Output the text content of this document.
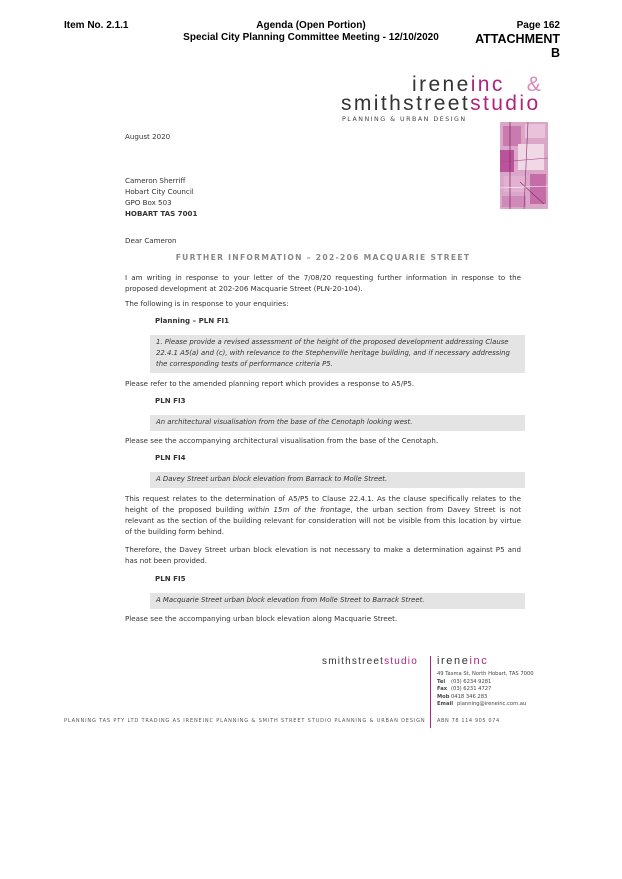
Item No. 2.1.1	Agenda (Open Portion)
Special City Planning Committee Meeting - 12/10/2020
Page 162
ATTACHMENT B
ireneinc &
smithstreetstudio
PLANNING & URBAN DESIGN
August 2020
Cameron Sherriff
Hobart City Council
GPO Box 503
HOBART TAS 7001
Dear Cameron
FURTHER INFORMATION – 202-206 MACQUARIE STREET
I am writing in response to your letter of the 7/08/20 requesting further information in response to the proposed development at 202-206 Macquarie Street (PLN-20-104).
The following is in response to your enquiries:
Planning – PLN FI1
1. Please provide a revised assessment of the height of the proposed development addressing Clause 22.4.1 A5(a) and (c), with relevance to the Stephenville heritage building, and if necessary addressing the corresponding tests of performance criteria P5.
Please refer to the amended planning report which provides a response to A5/P5.
PLN FI3
An architectural visualisation from the base of the Cenotaph looking west.
Please see the accompanying architectural visualisation from the base of the Cenotaph.
PLN FI4
A Davey Street urban block elevation from Barrack to Molle Street.
This request relates to the determination of A5/P5 to Clause 22.4.1. As the clause specifically relates to the height of the proposed building within 15m of the frontage, the urban section from Davey Street is not relevant as the section of the building relevant for consideration will not be visible from this location by virtue of the building form behind.
Therefore, the Davey Street urban block elevation is not necessary to make a determination against P5 and has not been provided.
PLN FI5
A Macquarie Street urban block elevation from Molle Street to Barrack Street.
Please see the accompanying urban block elevation along Macquarie Street.
smithstreetstudio ireneinc
49 Tasma St, North Hobart, TAS 7000
Tel (03) 6234 9281
Fax (03) 6231 4727
Mob 0418 346 283
Email planning@ireneinc.com.au
PLANNING TAS PTY LTD TRADING AS IRENEINC PLANNING & SMITH STREET STUDIO PLANNING & URBAN DESIGN ABN 78 114 905 074
